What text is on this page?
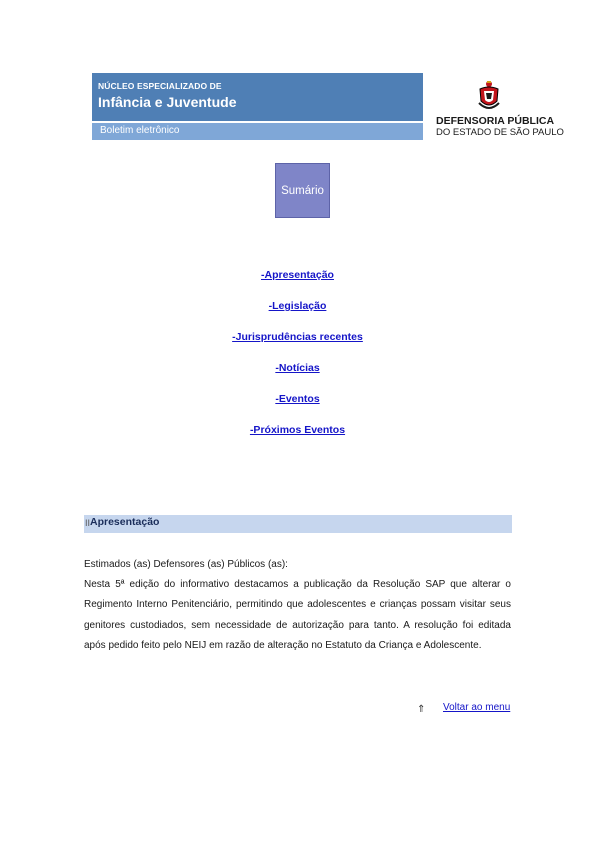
NÚCLEO ESPECIALIZADO DE
Infância e Juventude
Boletim eletrônico
DEFENSORIA PÚBLICA
DO ESTADO DE SÃO PAULO
Sumário
-Apresentação
-Legislação
-Jurisprudências recentes
-Notícias
-Eventos
-Próximos Eventos
II Apresentação

Estimados (as) Defensores (as) Públicos (as):

Nesta 5ª edição do informativo destacamos a publicação da Resolução SAP que alterar o Regimento Interno Penitenciário, permitindo que adolescentes e crianças possam visitar seus genitores custodiados, sem necessidade de autorização para tanto. A resolução foi editada após pedido feito pelo NEIJ em razão de alteração no Estatuto da Criança e Adolescente.

⇑ Voltar ao menu
